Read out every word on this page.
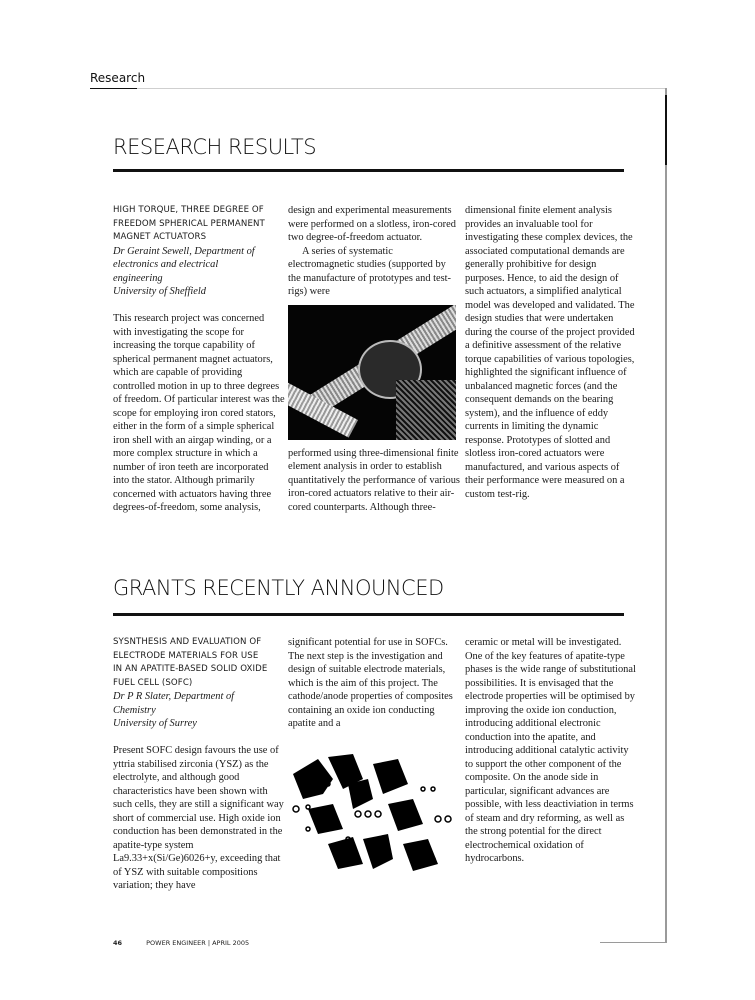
Research
RESEARCH RESULTS

HIGH TORQUE, THREE DEGREE OF

FREEDOM SPHERICAL PERMANENT

MAGNET ACTUATORS

Dr Geraint Sewell, Department of

electronics and electrical

engineering

University of Sheffield

This research project was concerned with investigating the scope for increasing the torque capability of spherical permanent magnet actuators, which are capable of providing controlled motion in up to three degrees of freedom. Of particular interest was the scope for employing iron cored stators, either in the form of a simple spherical iron shell with an airgap winding, or a more complex structure in which a number of iron teeth are incorporated into the stator. Although primarily concerned with actuators having three degrees-of-freedom, some analysis,

design and experimental measurements were performed on a slotless, iron-cored two degree-of-freedom actuator.

A series of systematic electromagnetic studies (supported by the manufacture of prototypes and test-rigs) were

performed using three-dimensional finite element analysis in order to establish quantitatively the performance of various iron-cored actuators relative to their air-cored counterparts. Although three-

dimensional finite element analysis provides an invaluable tool for investigating these complex devices, the associated computational demands are generally prohibitive for design purposes. Hence, to aid the design of such actuators, a simplified analytical model was developed and validated. The design studies that were undertaken during the course of the project provided a definitive assessment of the relative torque capabilities of various topologies, highlighted the significant influence of unbalanced magnetic forces (and the consequent demands on the bearing system), and the influence of eddy currents in limiting the dynamic response. Prototypes of slotted and slotless iron-cored actuators were manufactured, and various aspects of their performance were measured on a custom test-rig.

GRANTS RECENTLY ANNOUNCED

SYSNTHESIS AND EVALUATION OF

ELECTRODE MATERIALS FOR USE

IN AN APATITE-BASED SOLID OXIDE

FUEL CELL (SOFC)

Dr P R Slater, Department of

Chemistry

University of Surrey

Present SOFC design favours the use of yttria stabilised zirconia (YSZ) as the electrolyte, and although good characteristics have been shown with such cells, they are still a significant way short of commercial use. High oxide ion conduction has been demonstrated in the apatite-type system La9.33+x(Si/Ge)6026+y, exceeding that of YSZ with suitable compositions variation; they have

significant potential for use in SOFCs. The next step is the investigation and design of suitable electrode materials, which is the aim of this project. The cathode/anode properties of composites containing an oxide ion conducting apatite and a

ceramic or metal will be investigated. One of the key features of apatite-type phases is the wide range of substitutional possibilities. It is envisaged that the electrode properties will be optimised by improving the oxide ion conduction, introducing additional electronic conduction into the apatite, and introducing additional catalytic activity to support the other component of the composite. On the anode side in particular, significant advances are possible, with less deactiviation in terms of steam and dry reforming, as well as the strong potential for the direct electrochemical oxidation of hydrocarbons.

46	POWER ENGINEER | APRIL 2005
